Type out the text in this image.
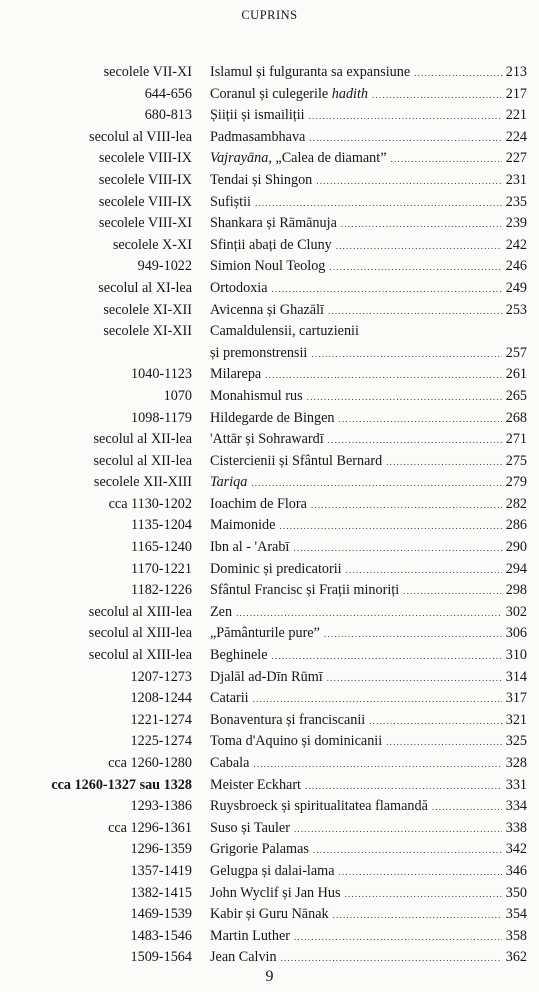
CUPRINS
secolele VII-XI Islamul și fulguranta sa expansiune .....	213
644-656 Coranul și culegerile hadith .....	217
680-813 Șiiții și ismailiții .....	221
secolul al VIII-lea Padmasambhava .....	224
secolele VIII-IX Vajrayāna, „Calea de diamant” .....	227
secolele VIII-IX Tendai și Shingon .....	231
secolele VIII-IX Sufiștii .....	235
secolele VIII-XI Shankara și Rāmānuja .....	239
secolele X-XI Sfinții abați de Cluny .....	242
949-1022 Simion Noul Teolog .....	246
secolul al XI-lea Ortodoxia .....	249
secolele XI-XII Avicenna și Ghazālī .....	253
secolele XI-XII Camaldulensii, cartuzienii
și premonstrensii .....	257
1040-1123 Milarepa .....	261
1070 Monahismul rus .....	265
1098-1179 Hildegarde de Bingen .....	268
secolul al XII-lea 'Attār și Sohrawardī .....	271
secolul al XII-lea Cistercienii și Sfântul Bernard .....	275
secolele XII-XIII Tariqa .....	279
cca 1130-1202 Ioachim de Flora .....	282
1135-1204 Maimonide .....	286
1165-1240 Ibn al - 'Arabī .....	290
1170-1221 Dominic și predicatorii .....	294
1182-1226 Sfântul Francisc și Frații minoriți .....	298
secolul al XIII-lea Zen .....	302
secolul al XIII-lea „Pământurile pure” .....	306
secolul al XIII-lea Beghinele .....	310
1207-1273 Djalāl ad-Dīn Rūmī .....	314
1208-1244 Catarii .....	317
1221-1274 Bonaventura și franciscanii .....	321
1225-1274 Toma d'Aquino și dominicanii .....	325
cca 1260-1280 Cabala .....	328
cca 1260-1327 sau 1328 Meister Eckhart .....	331
1293-1386 Ruysbroeck și spiritualitatea flamandă .....	334
cca 1296-1361 Suso și Tauler .....	338
1296-1359 Grigorie Palamas .....	342
1357-1419 Gelugpa și dalai-lama .....	346
1382-1415 John Wyclif și Jan Hus .....	350
1469-1539 Kabir și Guru Nānak .....	354
1483-1546 Martin Luther .....	358
1509-1564 Jean Calvin .....	362
9
